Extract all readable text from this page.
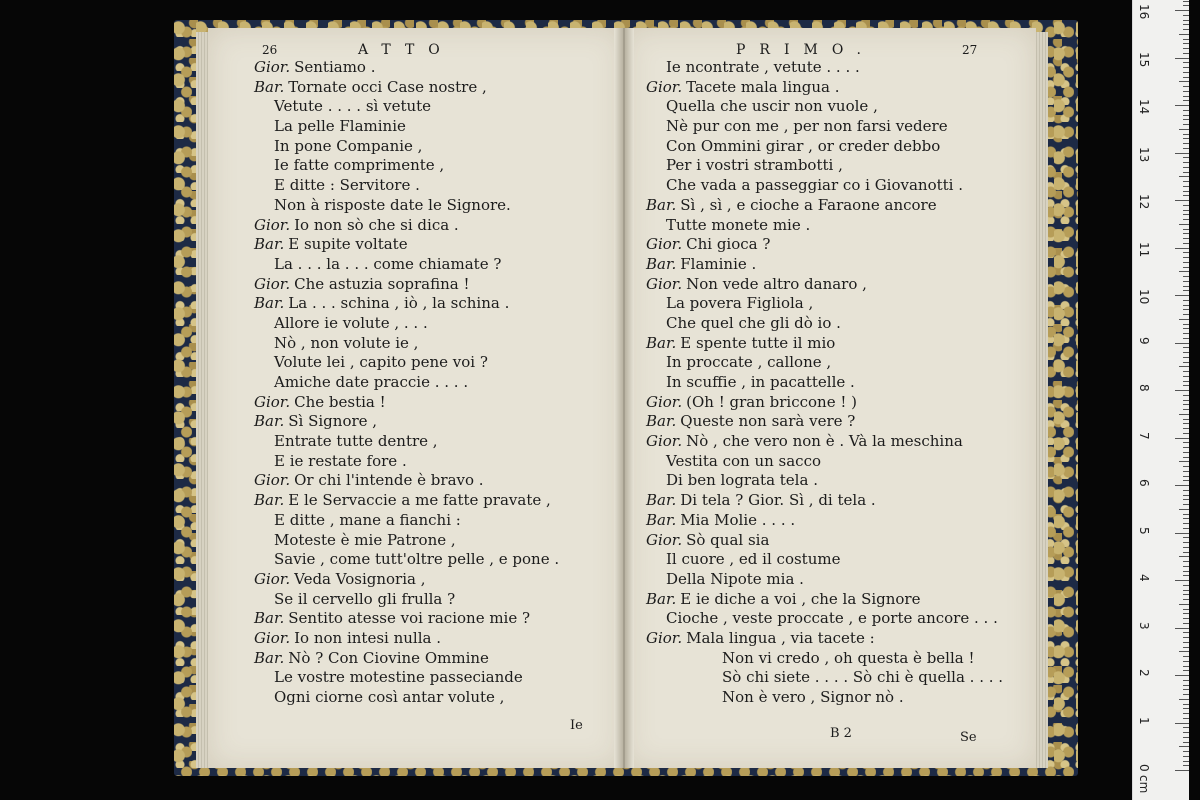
26	ATTO
Gior. Sentiamo .
Bar. Tornate occi Case nostre ,
Vetute . . . . sì vetute
La pelle Flaminie
In pone Companie ,
Ie fatte comprimente ,
E ditte : Servitore .
Non à risposte date le Signore.
Gior. Io non sò che si dica .
Bar. E supite voltate
La . . . la . . . come chiamate ?
Gior. Che astuzia soprafina !
Bar. La . . . schina , iò , la schina .
Allore ie volute , . . .
Nò , non volute ie ,
Volute lei , capito pene voi ?
Amiche date praccie . . . .
Gior. Che bestia !
Bar. Sì Signore ,
Entrate tutte dentre ,
E ie restate fore .
Gior. Or chi l'intende è bravo .
Bar. E le Servaccie a me fatte pravate ,
E ditte , mane a fianchi :
Moteste è mie Patrone ,
Savie , come tutt'oltre pelle , e pone .
Gior. Veda Vosignoria ,
Se il cervello gli frulla ?
Bar. Sentito atesse voi racione mie ?
Gior. Io non intesi nulla .
Bar. Nò ? Con Ciovine Ommine
Le vostre motestine passeciande
Ogni ciorne così antar volute ,
Ie
PRIMO.	27
Ie ncontrate , vetute . . . .
Gior. Tacete mala lingua .
Quella che uscir non vuole ,
Nè pur con me , per non farsi vedere
Con Ommini girar , or creder debbo
Per i vostri strambotti ,
Che vada a passeggiar co i Giovanotti .
Bar. Sì , sì , e cioche a Faraone ancore
Tutte monete mie .
Gior. Chi gioca ?
Bar. Flaminie .
Gior. Non vede altro danaro ,
La povera Figliola ,
Che quel che gli dò io .
Bar. E spente tutte il mio
In proccate , callone ,
In scuffie , in pacattelle .
Gior. (Oh ! gran briccone ! )
Bar. Queste non sarà vere ?
Gior. Nò , che vero non è . Và la meschina
Vestita con un sacco
Di ben lograta tela .
Bar. Di tela ? Gior. Sì , di tela .
Bar. Mia Molie . . . .
Gior. Sò qual sia
Il cuore , ed il costume
Della Nipote mia .
Bar. E ie diche a voi , che la Signore
Cioche , veste proccate , e porte ancore . . .
Gior. Mala lingua , via tacete :
Non vi credo , oh questa è bella !
Sò chi siete . . . . Sò chi è quella . . . .
Non è vero , Signor nò .
B 2	Se
0
1
2
3
4
5
6
7
8
9
10
11
12
13
14
15
16
cm
